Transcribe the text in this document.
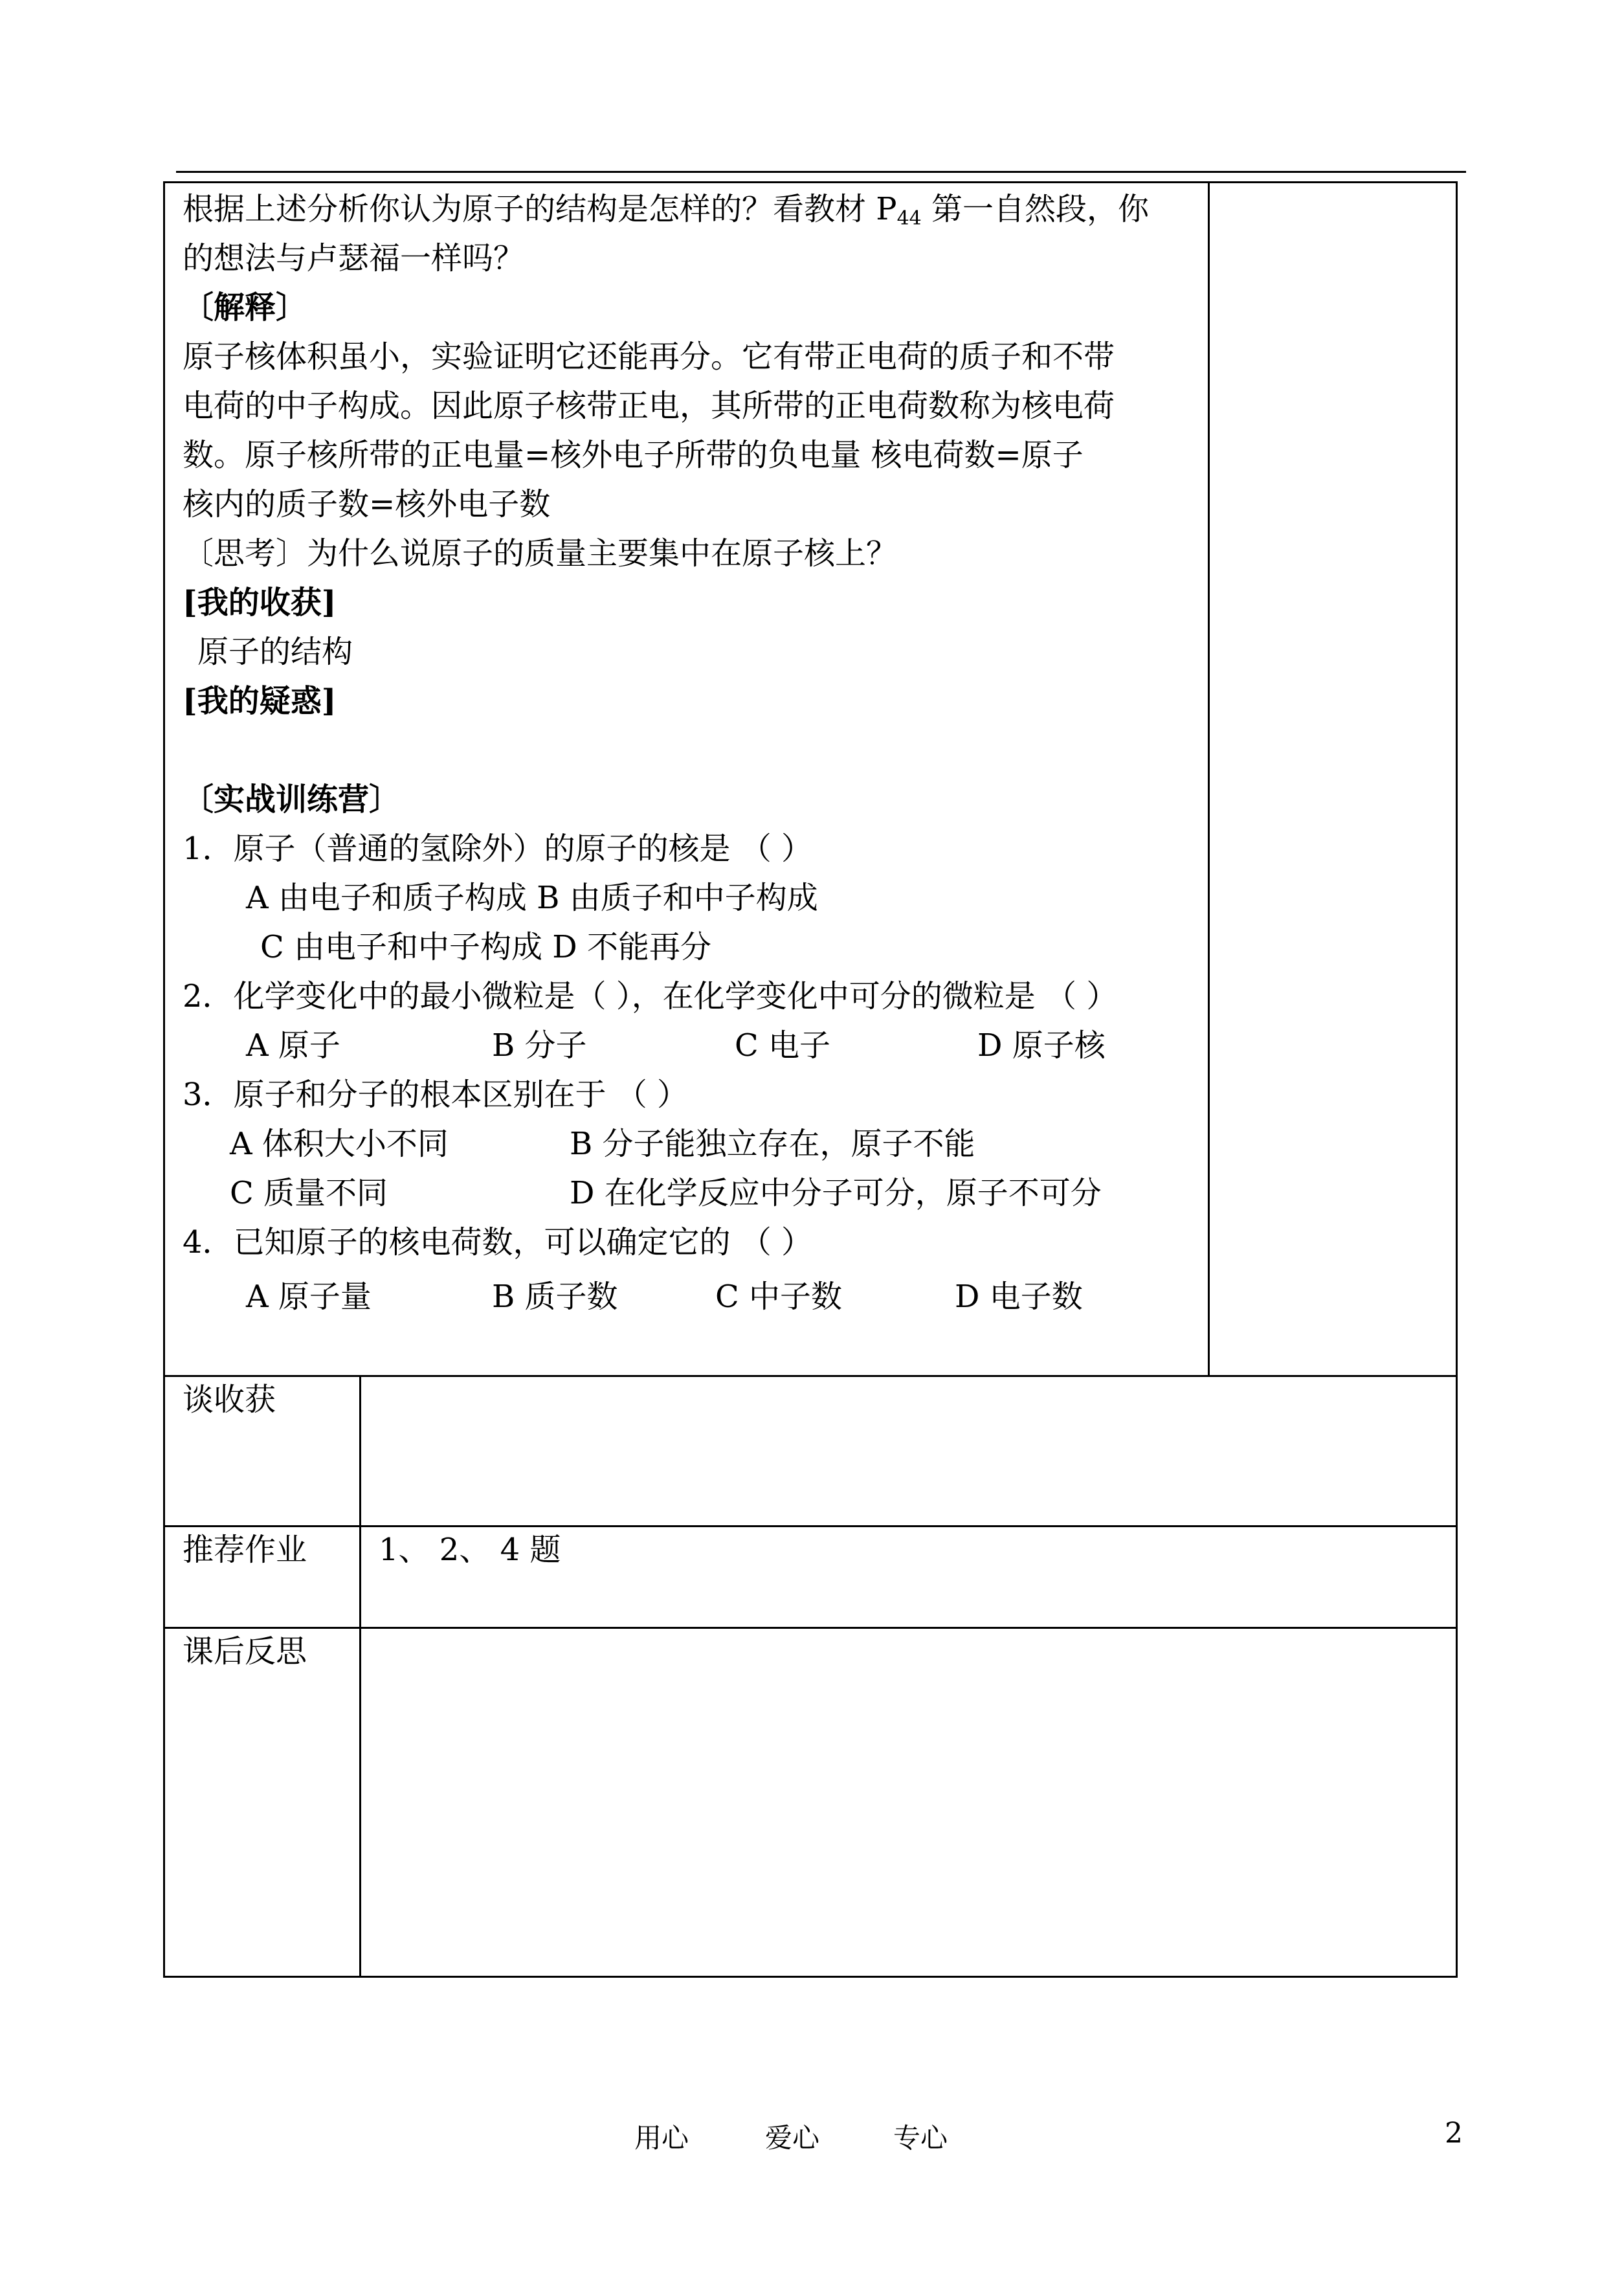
根据上述分析你认为原子的结构是怎样的？看教材 $P_{44}$ 第一自然段，你
的想法与卢瑟福一样吗？
〔解释〕
原子核体积虽小，实验证明它还能再分。它有带正电荷的质子和不带
电荷的中子构成。因此原子核带正电，其所带的正电荷数称为核电荷
数。原子核所带的正电量=核外电子所带的负电量 核电荷数=原子
核内的质子数=核外电子数
〔思考〕为什么说原子的质量主要集中在原子核上？
[我的收获]
原子的结构
[我的疑惑]
〔实战训练营〕
1．原子（普通的氢除外）的原子的核是 （ ）
A 由电子和质子构成 B 由质子和中子构成
C 由电子和中子构成 D 不能再分
2．化学变化中的最小微粒是（ ），在化学变化中可分的微粒是 （ ）
A 原子	B 分子	C 电子	D 原子核
3．原子和分子的根本区别在于 （ ）
A 体积大小不同	B 分子能独立存在，原子不能
C 质量不同	D 在化学反应中分子可分，原子不可分
4．已知原子的核电荷数，可以确定它的 （ ）
A 原子量	B 质子数	C 中子数	D 电子数
谈收获
推荐作业 1、 2、 4 题
课后反思
用心	爱心	专心	2
